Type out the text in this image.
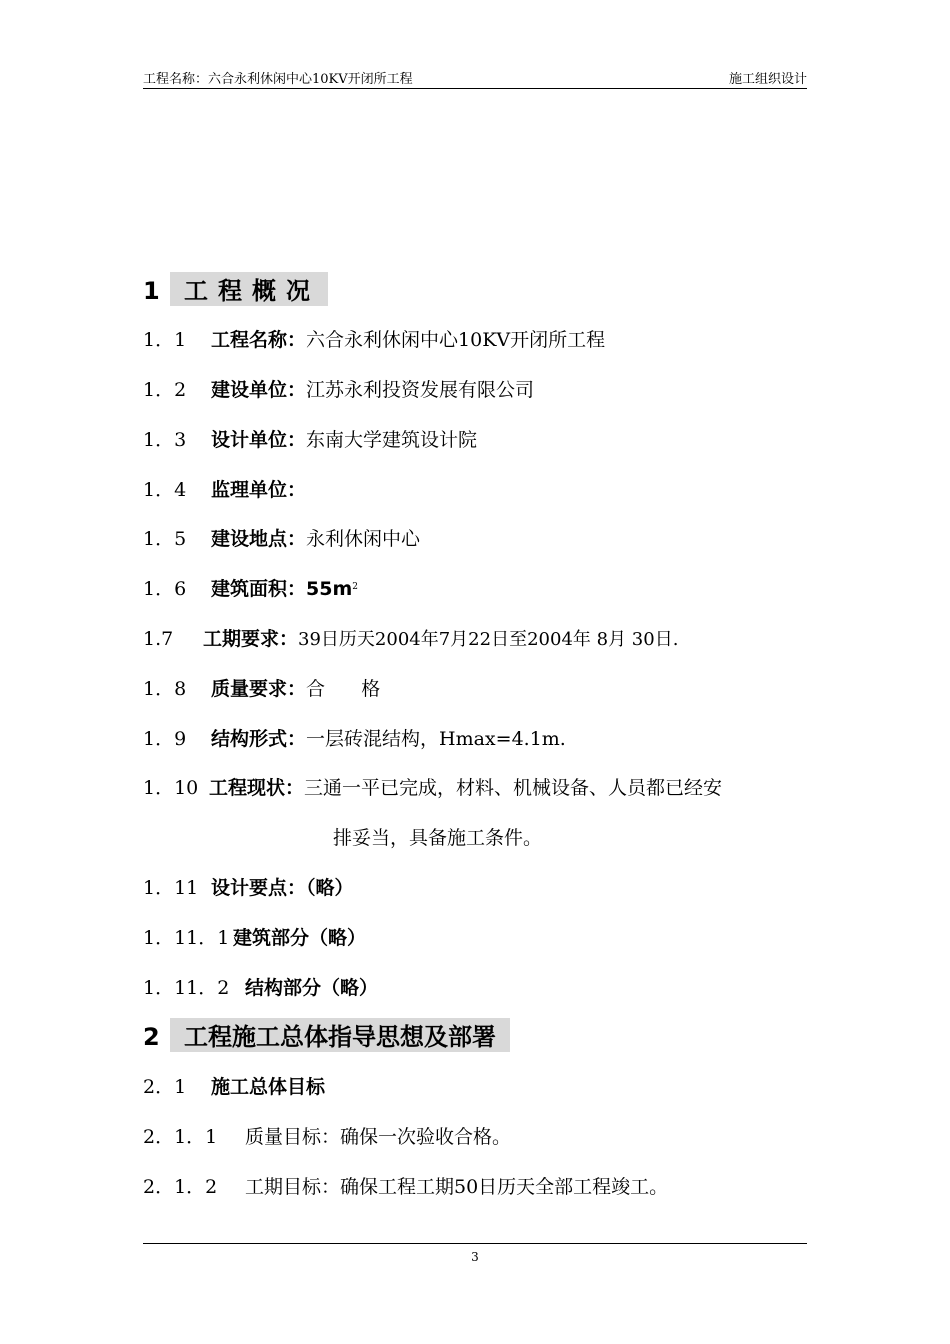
工程名称：六合永利休闲中心10KV开闭所工程	施工组织设计
1	工程概况
1．1 工程名称：六合永利休闲中心10KV开闭所工程
1．2 建设单位：江苏永利投资发展有限公司
1．3 设计单位：东南大学建筑设计院
1．4 监理单位：
1．5 建设地点：永利休闲中心
1．6 建筑面积：$55m^2$
1.7 工期要求：39日历天2004年7月22日至2004年 8月 30日.
1．8 质量要求：合      格
1．9 结构形式：一层砖混结构，Hmax=4.1m.
1．10 工程现状：三通一平已完成，材料、机械设备、人员都已经安
排妥当，具备施工条件。
1．11 设计要点：（略）
1．11．1 建筑部分（略）
1．11．2 结构部分（略）
2	工程施工总体指导思想及部署
2．1 施工总体目标
2．1．1 质量目标：确保一次验收合格。
2．1．2 工期目标：确保工程工期50日历天全部工程竣工。
3
